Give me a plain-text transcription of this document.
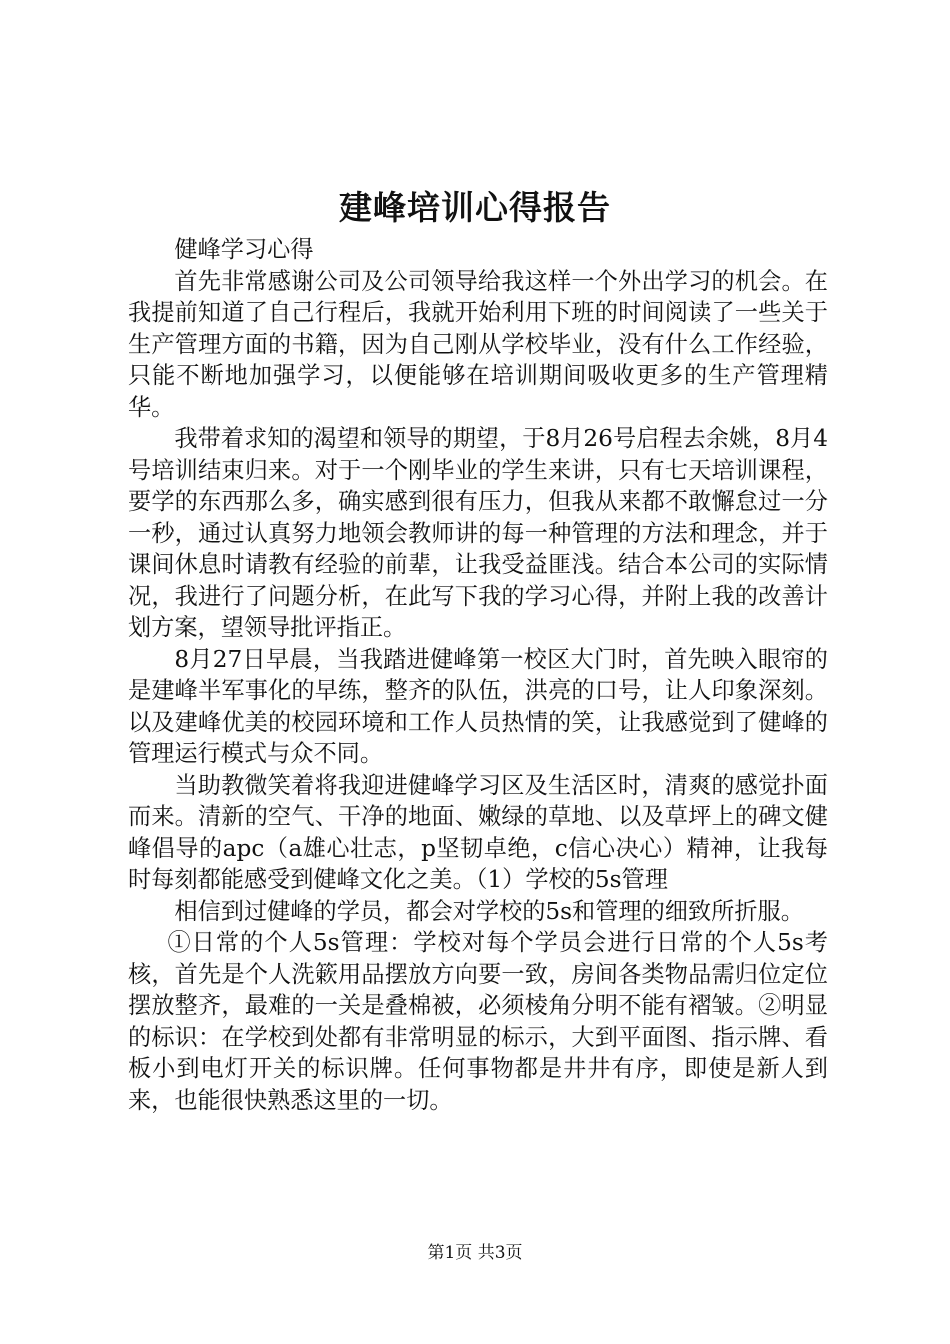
建峰培训心得报告

健峰学习心得

首先非常感谢公司及公司领导给我这样一个外出学习的机会。在我提前知道了自己行程后，我就开始利用下班的时间阅读了一些关于生产管理方面的书籍，因为自己刚从学校毕业，没有什么工作经验，只能不断地加强学习，以便能够在培训期间吸收更多的生产管理精华。

我带着求知的渴望和领导的期望，于8月26号启程去余姚，8月4号培训结束归来。对于一个刚毕业的学生来讲，只有七天培训课程，要学的东西那么多，确实感到很有压力，但我从来都不敢懈怠过一分一秒，通过认真努力地领会教师讲的每一种管理的方法和理念，并于课间休息时请教有经验的前辈，让我受益匪浅。结合本公司的实际情况，我进行了问题分析，在此写下我的学习心得，并附上我的改善计划方案，望领导批评指正。

8月27日早晨，当我踏进健峰第一校区大门时，首先映入眼帘的是建峰半军事化的早练，整齐的队伍，洪亮的口号，让人印象深刻。以及建峰优美的校园环境和工作人员热情的笑，让我感觉到了健峰的管理运行模式与众不同。

当助教微笑着将我迎进健峰学习区及生活区时，清爽的感觉扑面而来。清新的空气、干净的地面、嫩绿的草地、以及草坪上的碑文健峰倡导的apc（a雄心壮志，p坚韧卓绝，c信心决心）精神，让我每时每刻都能感受到健峰文化之美。（1）学校的5s管理

相信到过健峰的学员，都会对学校的5s和管理的细致所折服。

①日常的个人5s管理：学校对每个学员会进行日常的个人5s考核，首先是个人洗簌用品摆放方向要一致，房间各类物品需归位定位摆放整齐，最难的一关是叠棉被，必须棱角分明不能有褶皱。②明显的标识：在学校到处都有非常明显的标示，大到平面图、指示牌、看板小到电灯开关的标识牌。任何事物都是井井有序，即使是新人到来，也能很快熟悉这里的一切。

第1页 共3页
